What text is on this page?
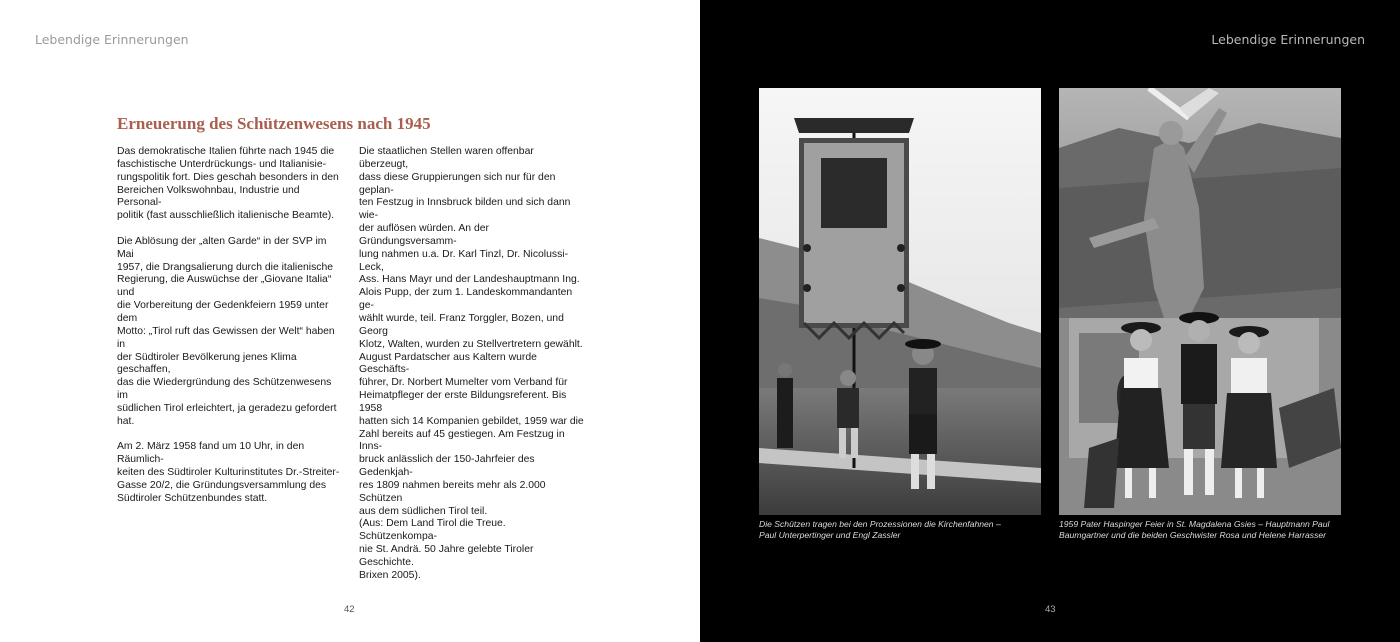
Lebendige Erinnerungen
Erneuerung des Schützenwesens nach 1945

Das demokratische Italien führte nach 1945 die
faschistische Unterdrückungs- und Italianisie-
rungspolitik fort. Dies geschah besonders in den
Bereichen Volkswohnbau, Industrie und Personal-
politik (fast ausschließlich italienische Beamte).

Die Ablösung der „alten Garde“ in der SVP im Mai
1957, die Drangsalierung durch die italienische
Regierung, die Auswüchse der „Giovane Italia“ und
die Vorbereitung der Gedenkfeiern 1959 unter dem
Motto: „Tirol ruft das Gewissen der Welt“ haben in
der Südtiroler Bevölkerung jenes Klima geschaffen,
das die Wiedergründung des Schützenwesens im
südlichen Tirol erleichtert, ja geradezu gefordert
hat.

Am 2. März 1958 fand um 10 Uhr, in den Räumlich-
keiten des Südtiroler Kulturinstitutes Dr.-Streiter-
Gasse 20/2, die Gründungsversammlung des
Südtiroler Schützenbundes statt.

Die staatlichen Stellen waren offenbar überzeugt,
dass diese Gruppierungen sich nur für den geplan-
ten Festzug in Innsbruck bilden und sich dann wie-
der auflösen würden. An der Gründungsversamm-
lung nahmen u.a. Dr. Karl Tinzl, Dr. Nicolussi-Leck,
Ass. Hans Mayr und der Landeshauptmann Ing.
Alois Pupp, der zum 1. Landeskommandanten ge-
wählt wurde, teil. Franz Torggler, Bozen, und Georg
Klotz, Walten, wurden zu Stellvertretern gewählt.
August Pardatscher aus Kaltern wurde Geschäfts-
führer, Dr. Norbert Mumelter vom Verband für
Heimatpfleger der erste Bildungsreferent. Bis 1958
hatten sich 14 Kompanien gebildet, 1959 war die
Zahl bereits auf 45 gestiegen. Am Festzug in Inns-
bruck anlässlich der 150-Jahrfeier des Gedenkjah-
res 1809 nahmen bereits mehr als 2.000 Schützen
aus dem südlichen Tirol teil.
(Aus: Dem Land Tirol die Treue. Schützenkompa-
nie St. Andrä. 50 Jahre gelebte Tiroler Geschichte.
Brixen 2005).

42
Lebendige Erinnerungen
Die Schützen tragen bei den Prozessionen die Kirchenfahnen –
Paul Unterpertinger und Engl Zassler
1959 Pater Haspinger Feier in St. Magdalena Gsies – Hauptmann Paul
Baumgartner und die beiden Geschwister Rosa und Helene Harrasser
43
